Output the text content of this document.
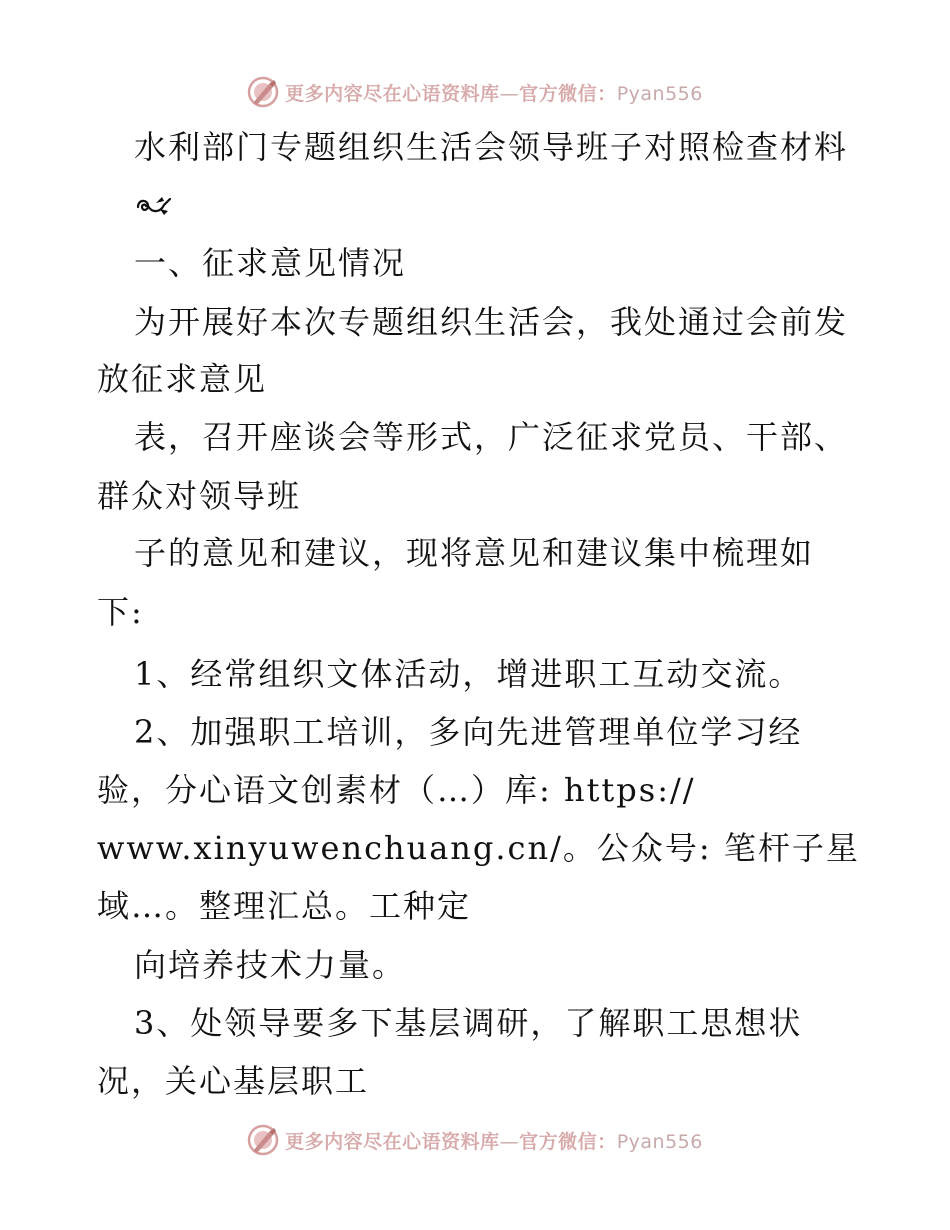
更多内容尽在心语资料库—官方微信：Pyan556
水利部门专题组织生活会领导班子对照检查材料
一、征求意见情况
为开展好本次专题组织生活会，我处通过会前发
放征求意见
表，召开座谈会等形式，广泛征求党员、干部、
群众对领导班
子的意见和建议，现将意见和建议集中梳理如
下:
1、经常组织文体活动，增进职工互动交流。
2、加强职工培训，多向先进管理单位学习经
验，分心语文创素材（…）库: https://
www.xinyuwenchuang.cn/。公众号: 笔杆子星
域…。整理汇总。工种定
向培养技术力量。
3、处领导要多下基层调研，了解职工思想状
况，关心基层职工
更多内容尽在心语资料库—官方微信：Pyan556
